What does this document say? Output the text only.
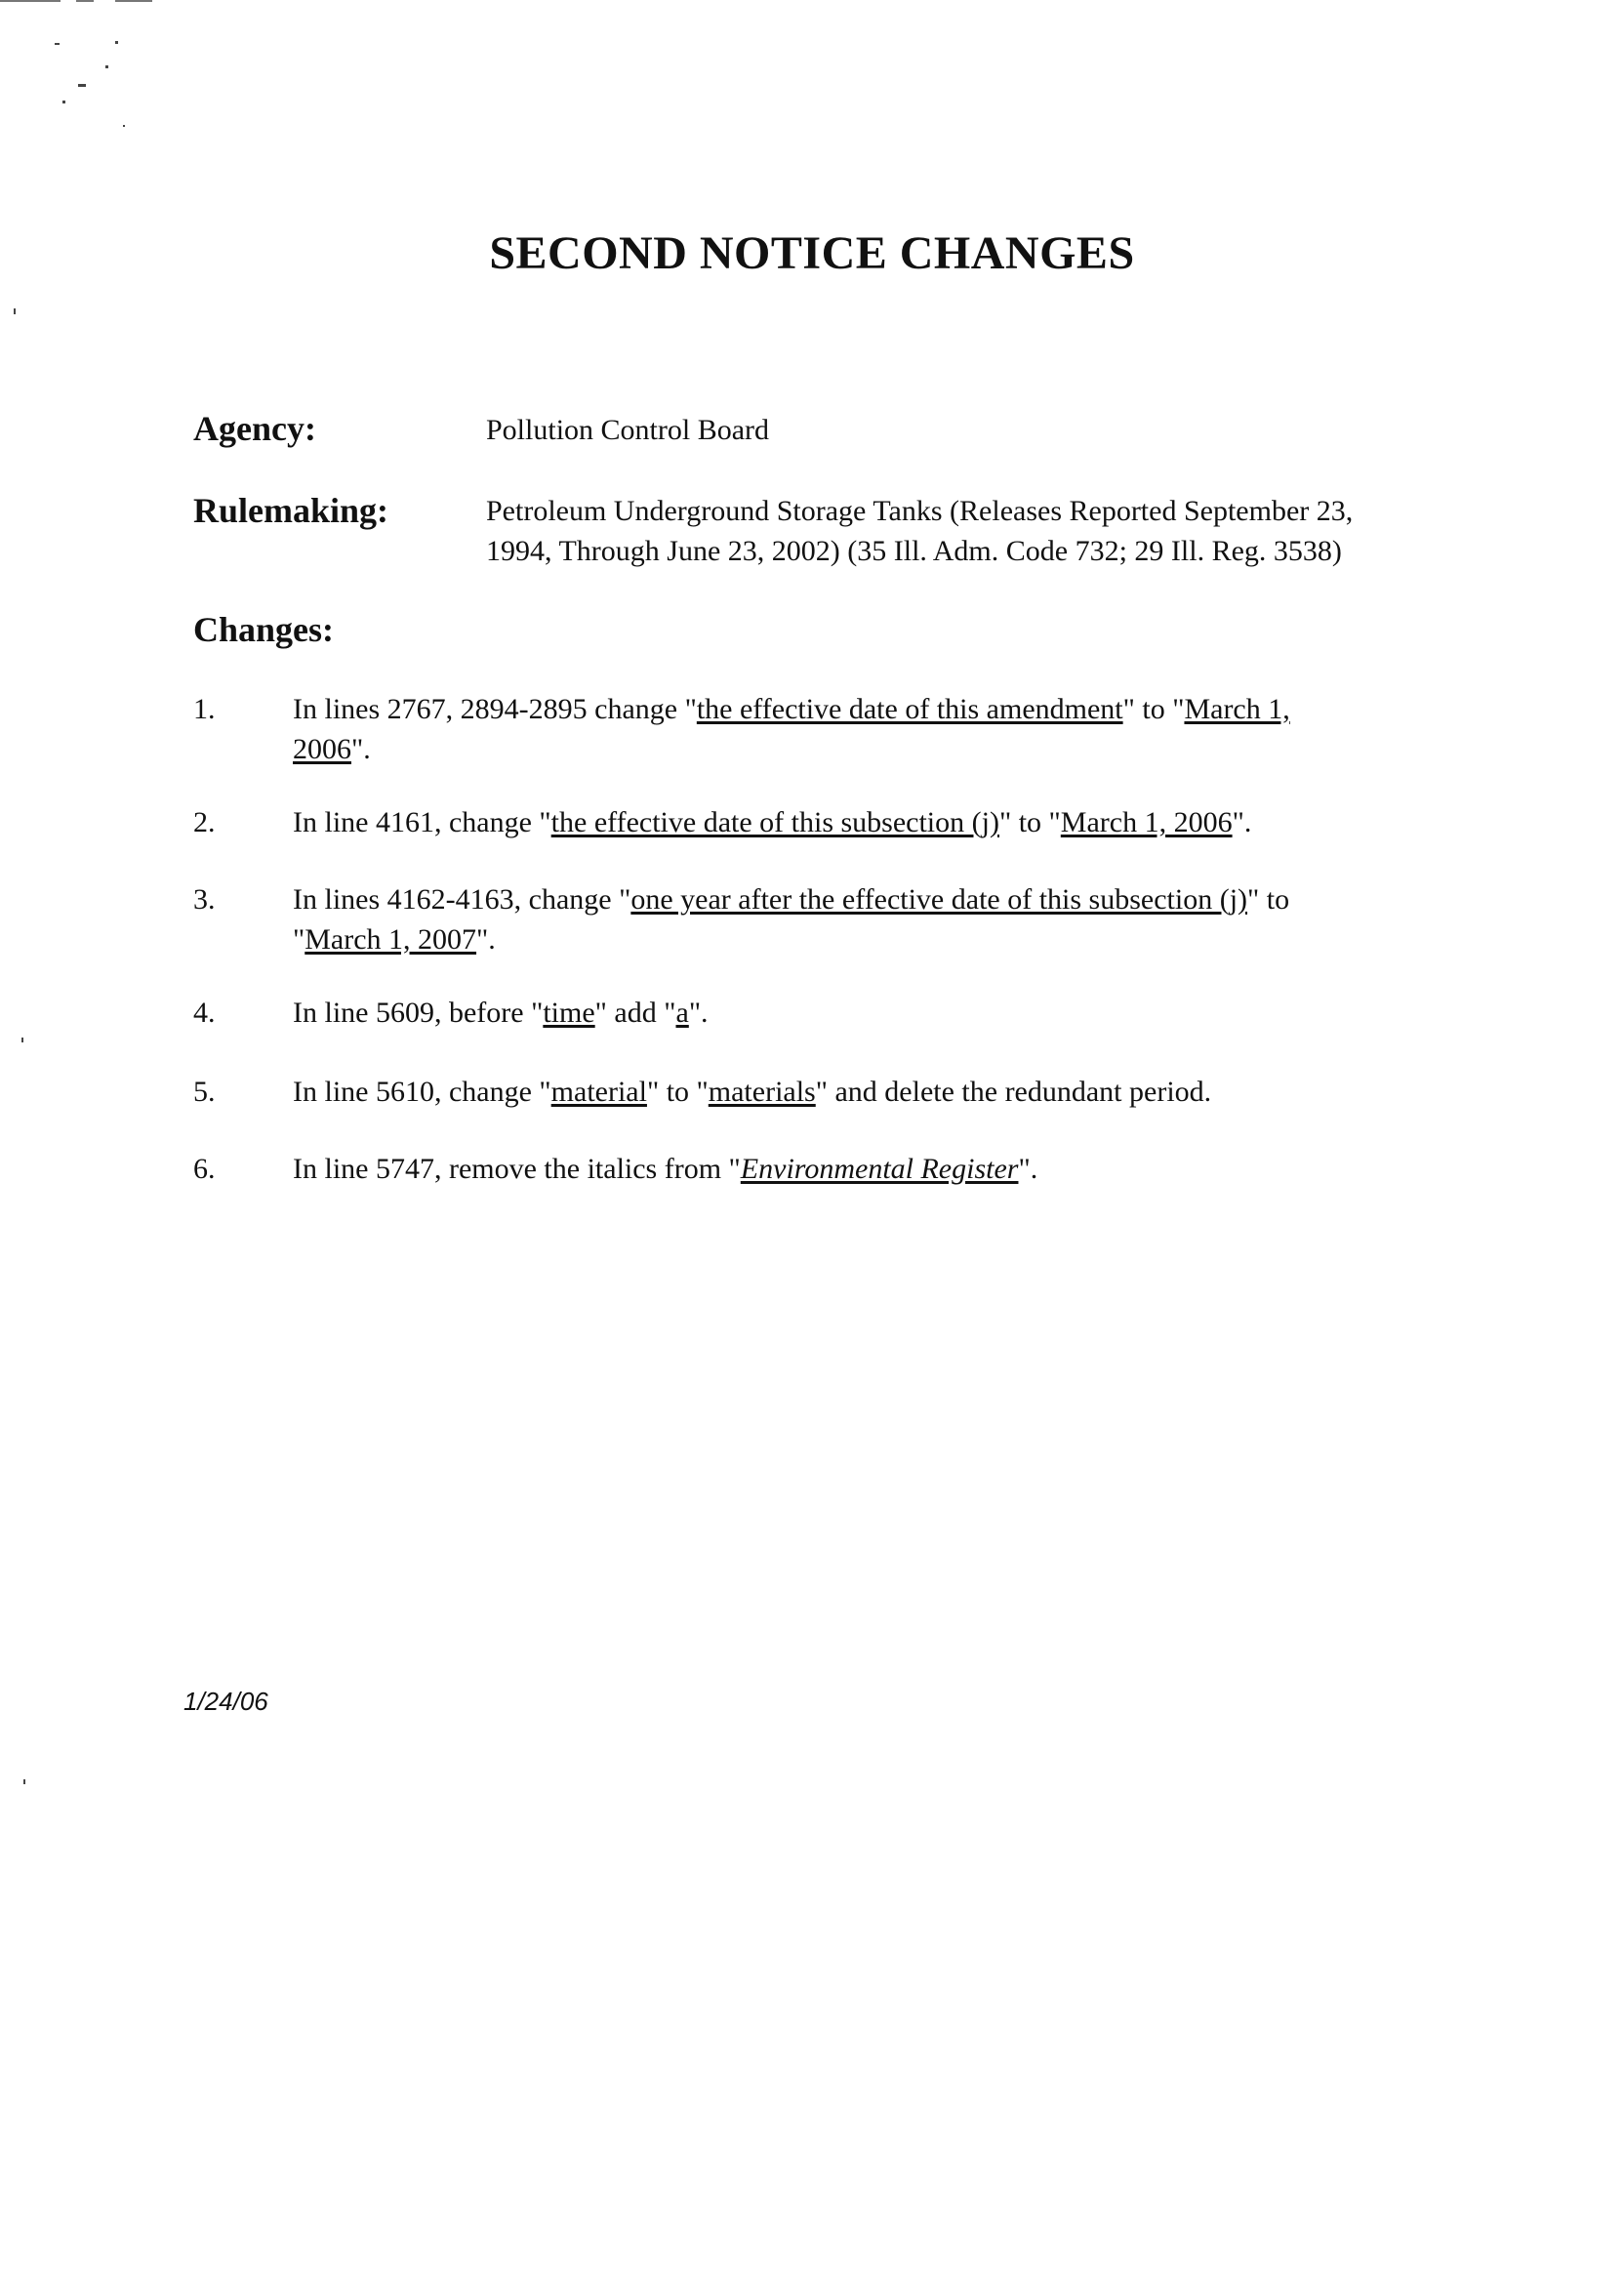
SECOND NOTICE CHANGES
Agency:	Pollution Control Board
Rulemaking:	Petroleum Underground Storage Tanks (Releases Reported September 23,
1994, Through June 23, 2002) (35 Ill. Adm. Code 732; 29 Ill. Reg. 3538)
Changes:
1.	In lines 2767, 2894-2895 change "the effective date of this amendment" to "March 1,
2006".
2.	In line 4161, change "the effective date of this subsection (j)" to "March 1, 2006".
3.	In lines 4162-4163, change "one year after the effective date of this subsection (j)" to
"March 1, 2007".
4.	In line 5609, before "time" add "a".
5.	In line 5610, change "material" to "materials" and delete the redundant period.
6.	In line 5747, remove the italics from "Environmental Register".
1/24/06
